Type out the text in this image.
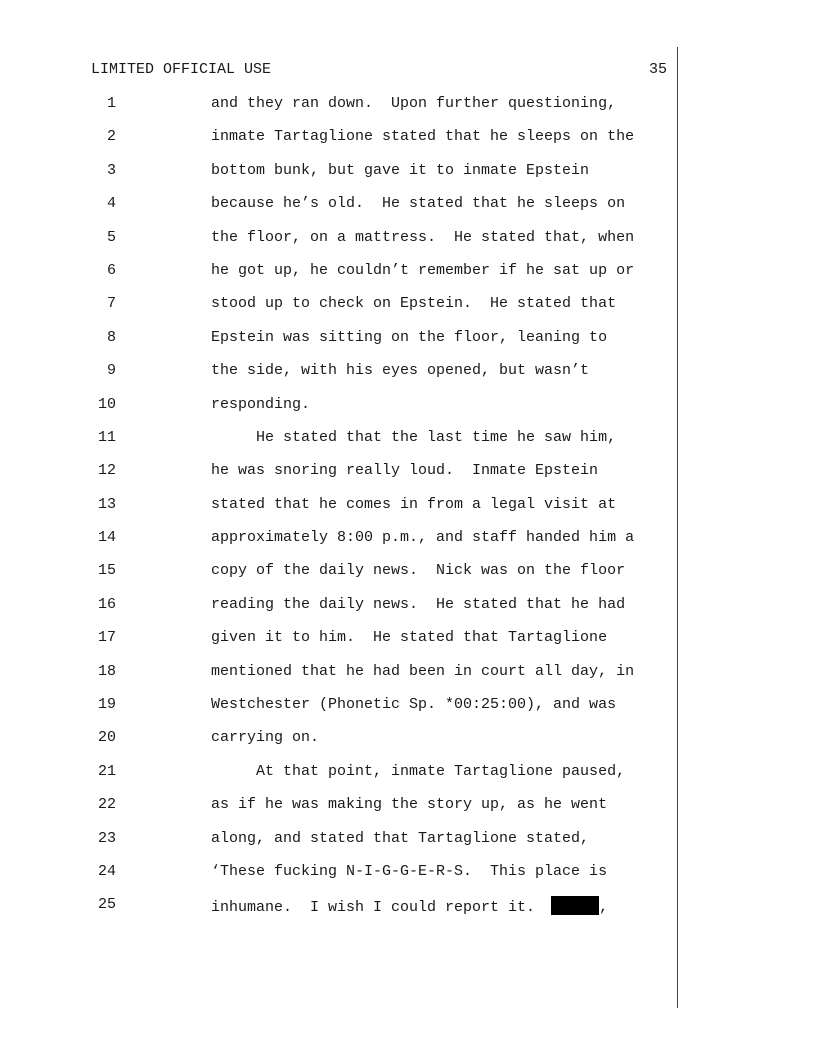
LIMITED OFFICIAL USE	35
1	and they ran down.  Upon further questioning,
2	inmate Tartaglione stated that he sleeps on the
3	bottom bunk, but gave it to inmate Epstein
4	because he’s old.  He stated that he sleeps on
5	the floor, on a mattress.  He stated that, when
6	he got up, he couldn’t remember if he sat up or
7	stood up to check on Epstein.  He stated that
8	Epstein was sitting on the floor, leaning to
9	the side, with his eyes opened, but wasn’t
10	responding.
11	He stated that the last time he saw him,
12	he was snoring really loud.  Inmate Epstein
13	stated that he comes in from a legal visit at
14	approximately 8:00 p.m., and staff handed him a
15	copy of the daily news.  Nick was on the floor
16	reading the daily news.  He stated that he had
17	given it to him.  He stated that Tartaglione
18	mentioned that he had been in court all day, in
19	Westchester (Phonetic Sp. *00:25:00), and was
20	carrying on.
21	At that point, inmate Tartaglione paused,
22	as if he was making the story up, as he went
23	along, and stated that Tartaglione stated,
24	‘These fucking N-I-G-G-E-R-S.  This place is
25	inhumane.  I wish I could report it.	,
